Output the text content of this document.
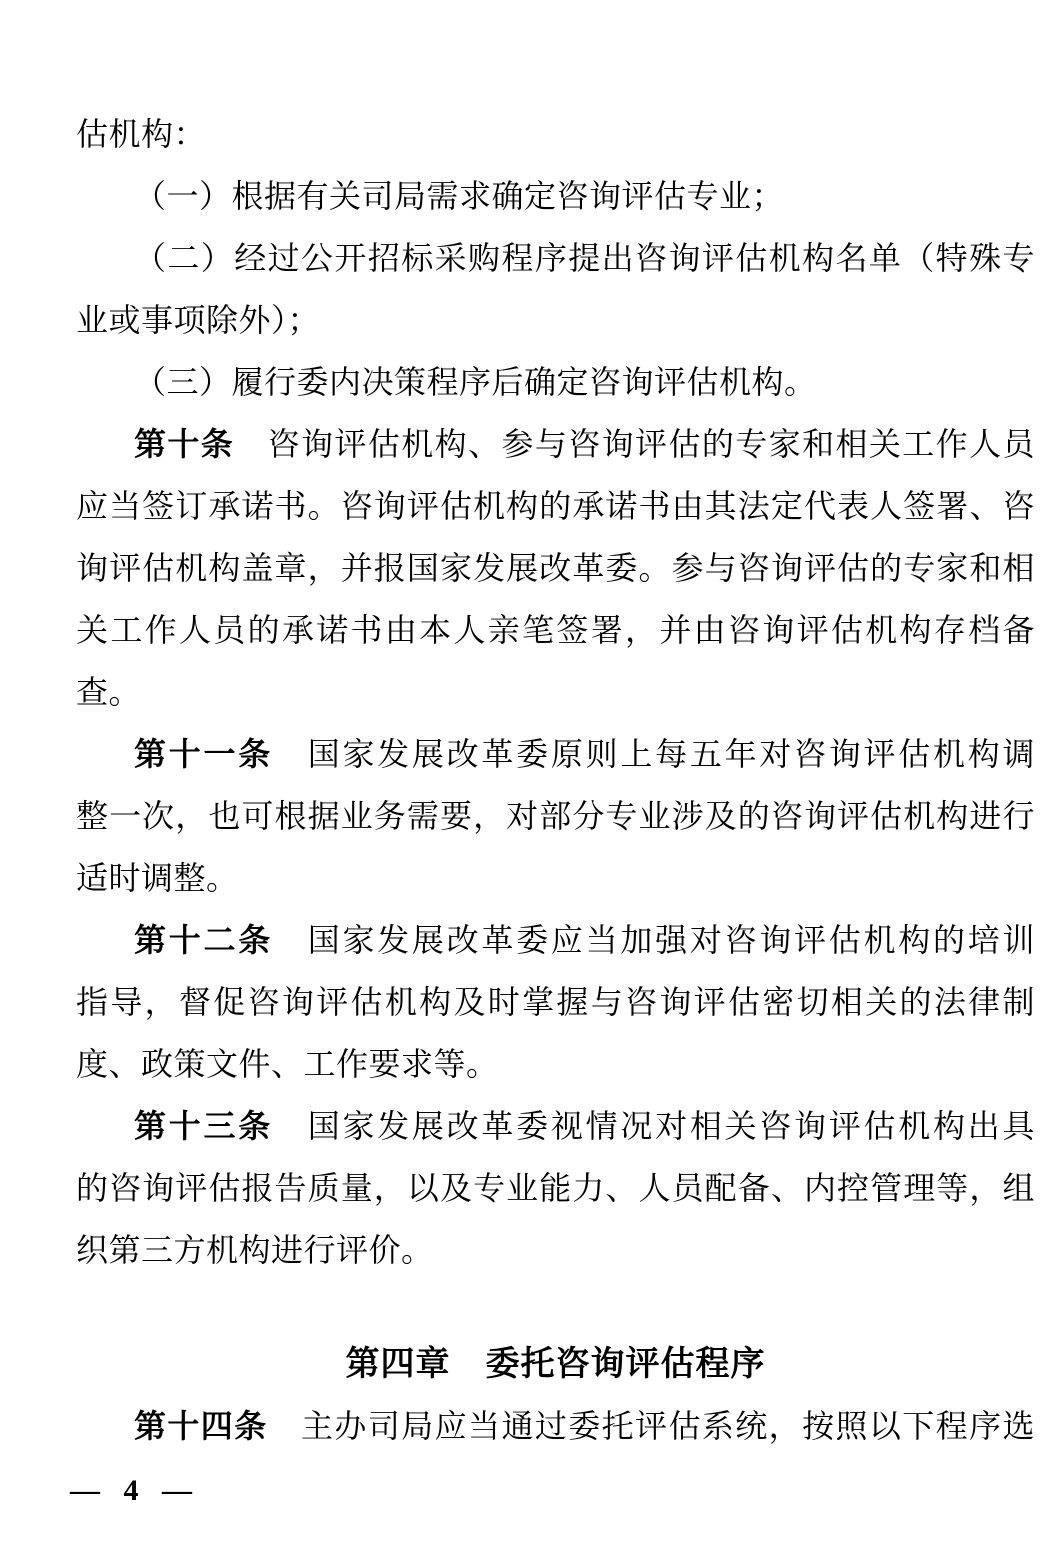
估机构：
（一）根据有关司局需求确定咨询评估专业；
（二）经过公开招标采购程序提出咨询评估机构名单（特殊专
业或事项除外）；
（三）履行委内决策程序后确定咨询评估机构。
第十条　咨询评估机构、参与咨询评估的专家和相关工作人员
应当签订承诺书。咨询评估机构的承诺书由其法定代表人签署、咨
询评估机构盖章，并报国家发展改革委。参与咨询评估的专家和相
关工作人员的承诺书由本人亲笔签署，并由咨询评估机构存档备
查。
第十一条　国家发展改革委原则上每五年对咨询评估机构调
整一次，也可根据业务需要，对部分专业涉及的咨询评估机构进行
适时调整。
第十二条　国家发展改革委应当加强对咨询评估机构的培训
指导，督促咨询评估机构及时掌握与咨询评估密切相关的法律制
度、政策文件、工作要求等。
第十三条　国家发展改革委视情况对相关咨询评估机构出具
的咨询评估报告质量，以及专业能力、人员配备、内控管理等，组
织第三方机构进行评价。
第四章　委托咨询评估程序
第十四条　主办司局应当通过委托评估系统，按照以下程序选
— 4 —
